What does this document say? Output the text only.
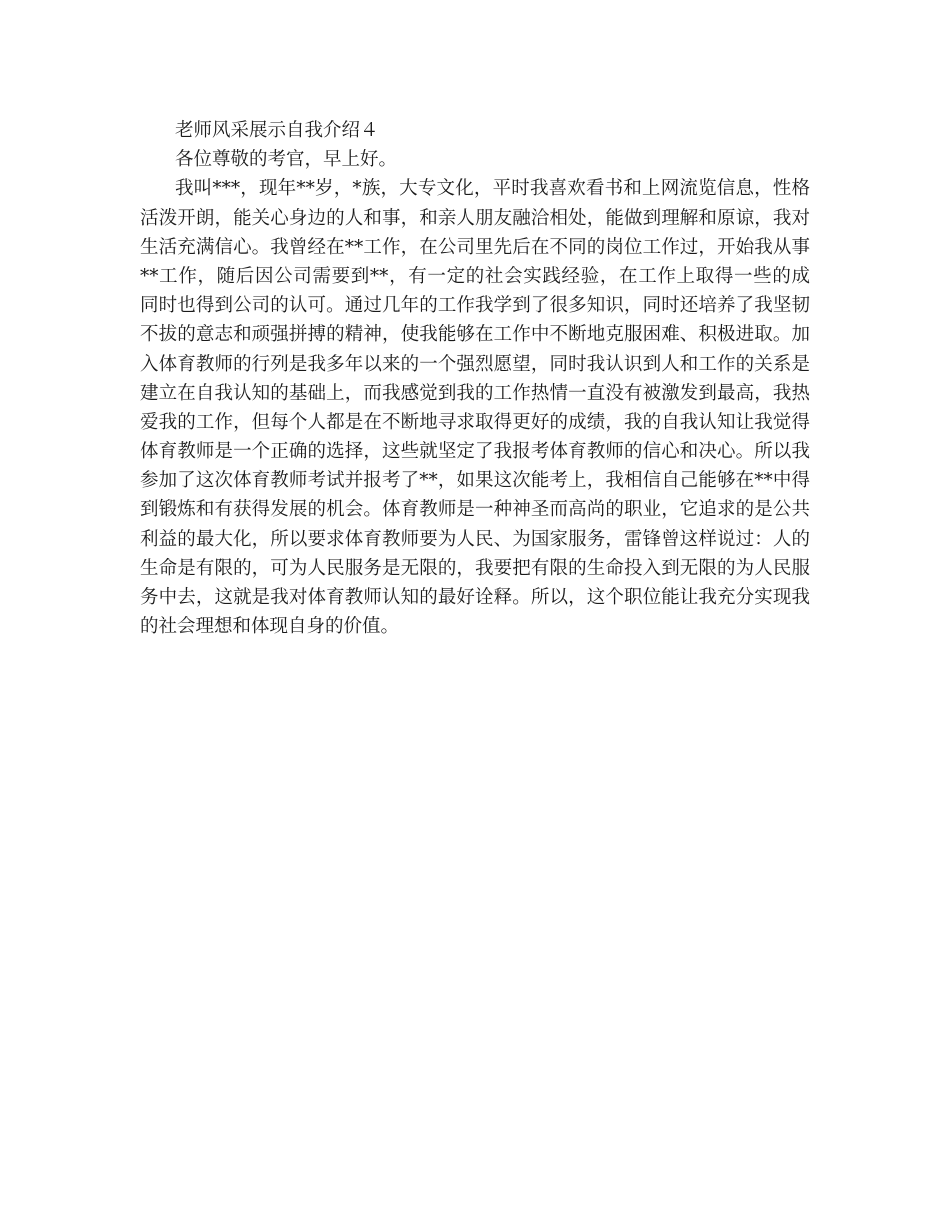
老师风采展示自我介绍４
各位尊敬的考官，早上好。
我叫***，现年**岁，*族，大专文化，平时我喜欢看书和上网流览信息，性格
活泼开朗，能关心身边的人和事，和亲人朋友融洽相处，能做到理解和原谅，我对
生活充满信心。我曾经在**工作，在公司里先后在不同的岗位工作过，开始我从事
**工作，随后因公司需要到**，有一定的社会实践经验，在工作上取得一些的成
同时也得到公司的认可。通过几年的工作我学到了很多知识，同时还培养了我坚韧
不拔的意志和顽强拼搏的精神，使我能够在工作中不断地克服困难、积极进取。加
入体育教师的行列是我多年以来的一个强烈愿望，同时我认识到人和工作的关系是
建立在自我认知的基础上，而我感觉到我的工作热情一直没有被激发到最高，我热
爱我的工作，但每个人都是在不断地寻求取得更好的成绩，我的自我认知让我觉得
体育教师是一个正确的选择，这些就坚定了我报考体育教师的信心和决心。所以我
参加了这次体育教师考试并报考了**，如果这次能考上，我相信自己能够在**中得
到锻炼和有获得发展的机会。体育教师是一种神圣而高尚的职业，它追求的是公共
利益的最大化，所以要求体育教师要为人民、为国家服务，雷锋曾这样说过：人的
生命是有限的，可为人民服务是无限的，我要把有限的生命投入到无限的为人民服
务中去，这就是我对体育教师认知的最好诠释。所以，这个职位能让我充分实现我
的社会理想和体现自身的价值。
